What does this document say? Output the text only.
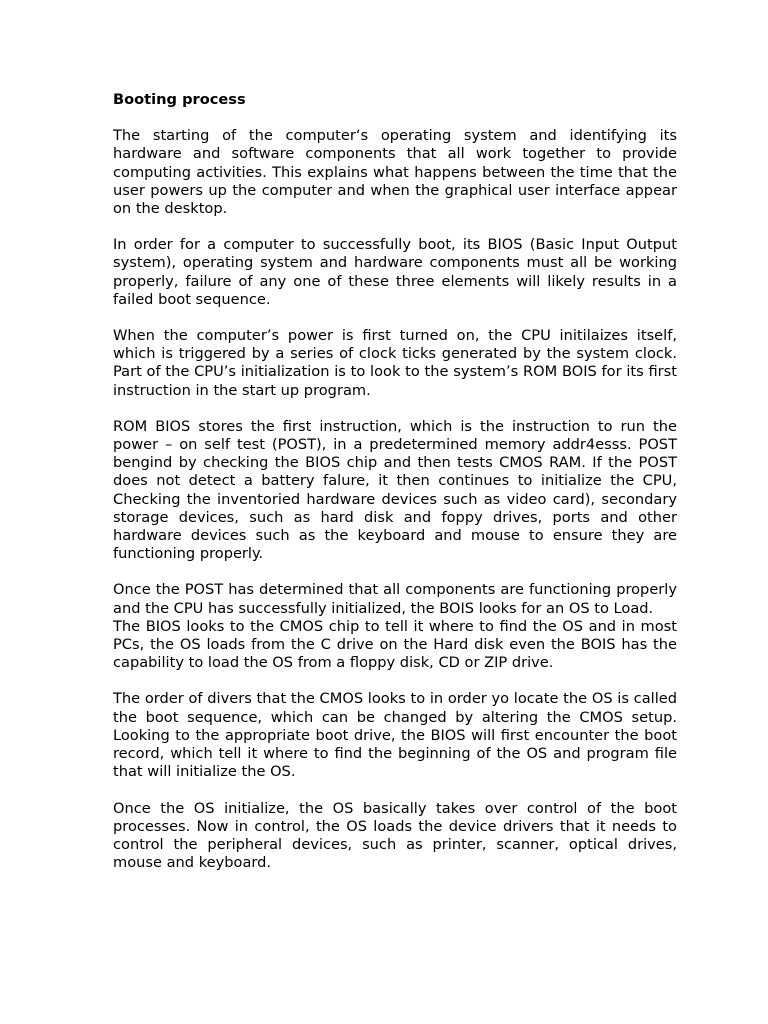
Booting process
The starting of the computer‘s operating system and identifying its hardware and software components that all work together to provide computing activities. This explains what happens between the time that the user powers up the computer and when the graphical user interface appear on the desktop.
In order for a computer to successfully boot, its BIOS (Basic Input Output system), operating system and hardware components must all be working properly, failure of any one of these three elements will likely results in a failed boot sequence.
When the computer’s power is first turned on, the CPU initilaizes itself, which is triggered by a series of clock ticks generated by the system clock. Part of the CPU’s initialization is to look to the system’s ROM BOIS for its first instruction in the start up program.
ROM BIOS stores the first instruction, which is the instruction to run the power – on self test (POST), in a predetermined memory addr4esss. POST bengind by checking the BIOS chip and then tests CMOS RAM. If the POST does not detect a battery falure, it then continues to initialize the CPU, Checking the inventoried hardware devices such as video card), secondary storage devices, such as hard disk and foppy drives, ports and other hardware devices such as the keyboard and mouse to ensure they are functioning properly.
Once the POST has determined that all components are functioning properly and the CPU has successfully initialized, the BOIS looks for an OS to Load.
The BIOS looks to the CMOS chip to tell it where to find the OS and in most PCs, the OS loads from the C drive on the Hard disk even the BOIS has the capability to load the OS from a floppy disk, CD or ZIP drive.
The order of divers that the CMOS looks to in order yo locate the OS is called the boot sequence, which can be changed by altering the CMOS setup. Looking to the appropriate boot drive, the BIOS will first encounter the boot record, which tell it where to find the beginning of the OS and program file that will initialize the OS.
Once the OS initialize, the OS basically takes over control of the boot processes. Now in control, the OS loads the device drivers that it needs to control the peripheral devices, such as printer, scanner, optical drives, mouse and keyboard.
